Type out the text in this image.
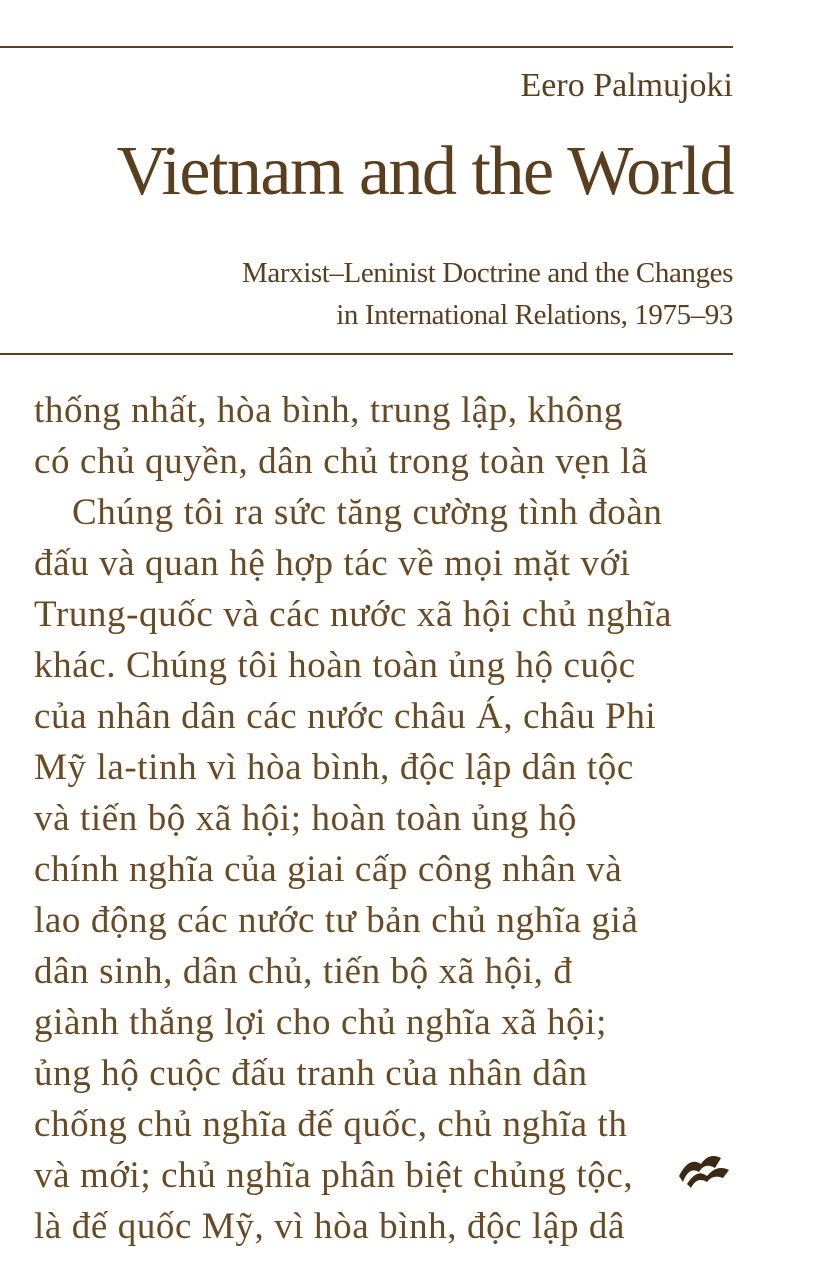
Eero Palmujoki
Vietnam and the World
Marxist–Leninist Doctrine and the Changes
in International Relations, 1975–93
thống nhất, hòa bình, trung lập, không
có chủ quyền, dân chủ trong toàn vẹn lã
Chúng tôi ra sức tăng cường tình đoàn
đấu và quan hệ hợp tác về mọi mặt với
Trung-quốc và các nước xã hội chủ nghĩa
khác. Chúng tôi hoàn toàn ủng hộ cuộc
của nhân dân các nước châu Á, châu Phi
Mỹ la-tinh vì hòa bình, độc lập dân tộc
và tiến bộ xã hội; hoàn toàn ủng hộ
chính nghĩa của giai cấp công nhân và
lao động các nước tư bản chủ nghĩa giả
dân sinh, dân chủ, tiến bộ xã hội, đ
giành thắng lợi cho chủ nghĩa xã hội;
ủng hộ cuộc đấu tranh của nhân dân
chống chủ nghĩa đế quốc, chủ nghĩa th
và mới; chủ nghĩa phân biệt chủng tộc,
là đế quốc Mỹ, vì hòa bình, độc lập dâ
